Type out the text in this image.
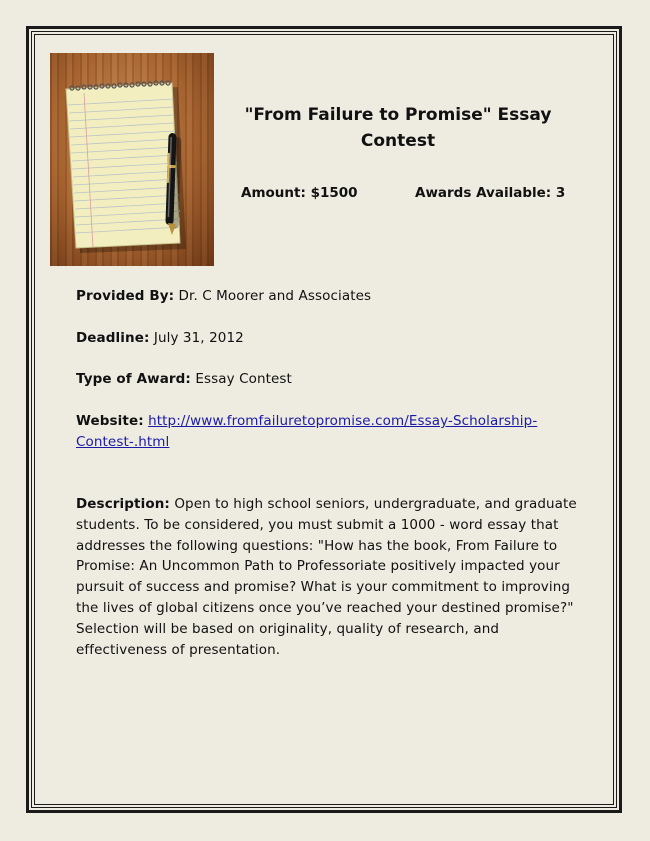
"From Failure to Promise" Essay Contest
Amount: $1500	Awards Available: 3
Provided By: Dr. C Moorer and Associates
Deadline: July 31, 2012
Type of Award: Essay Contest
Website: http://www.fromfailuretopromise.com/Essay-Scholarship-
Contest-.html
Description: Open to high school seniors, undergraduate, and graduate students. To be considered, you must submit a 1000 - word essay that addresses the following questions: "How has the book, From Failure to Promise: An Uncommon Path to Professoriate positively impacted your pursuit of success and promise? What is your commitment to improving the lives of global citizens once you’ve reached your destined promise?" Selection will be based on originality, quality of research, and effectiveness of presentation.
